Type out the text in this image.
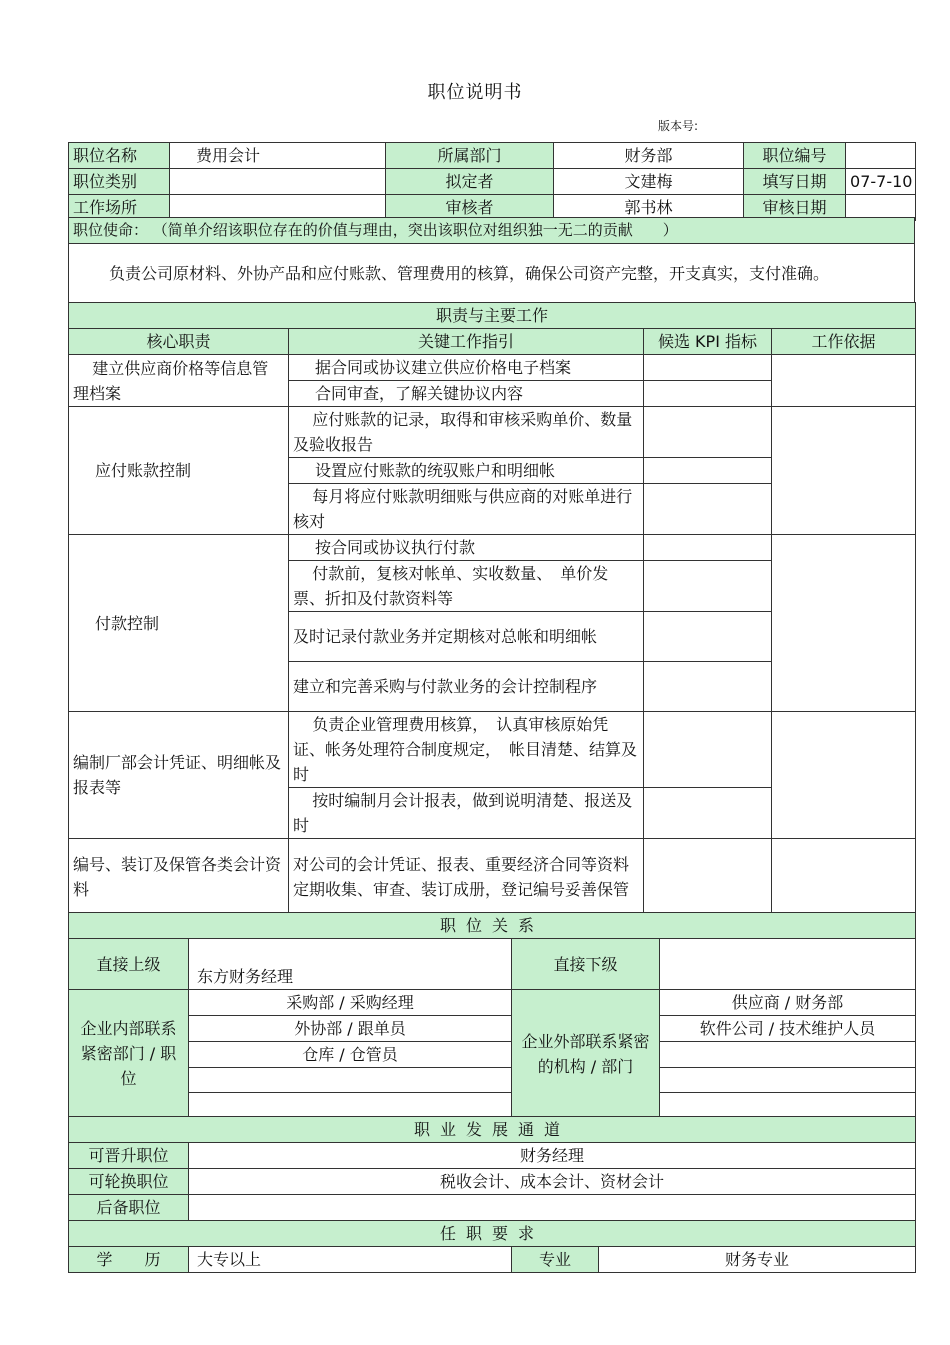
职位说明书
版本号:
职位名称	费用会计	所属部门	财务部	职位编号	
职位类别		拟定者	文建梅	填写日期	07-7-10
工作场所		审核者	郭书林	审核日期	
职位使命： （简单介绍该职位存在的价值与理由，突出该职位对组织独一无二的贡献　　）
负责公司原材料、外协产品和应付账款、管理费用的核算，确保公司资产完整，开支真实，支付准确。
职责与主要工作			
核心职责	关键工作指引	候选 KPI 指标	工作依据
建立供应商价格等信息管理档案	据合同或协议建立供应价格电子档案		
	合同审查，了解关键协议内容		
应付账款控制	应付账款的记录，取得和审核采购单价、数量及验收报告		
	设置应付账款的统驭账户和明细帐		
	每月将应付账款明细账与供应商的对账单进行核对		
付款控制	按合同或协议执行付款		
	付款前，复核对帐单、实收数量、　单价发票、折扣及付款资料等		
	及时记录付款业务并定期核对总帐和明细帐		
	建立和完善采购与付款业务的会计控制程序		
编制厂部会计凭证、明细帐及报表等	负责企业管理费用核算，　认真审核原始凭证、帐务处理符合制度规定，　帐目清楚、结算及时		
	按时编制月会计报表，做到说明清楚、报送及时		
编号、装订及保管各类会计资料	对公司的会计凭证、报表、重要经济合同等资料定期收集、审查、装订成册，登记编号妥善保管		
职位关系			
直接上级	东方财务经理	直接下级	
企业内部联系紧密部门 / 职位	采购部 / 采购经理	企业外部联系紧密的机构 / 部门	供应商 / 财务部
	外协部 / 跟单员		软件公司 / 技术维护人员
	仓库 / 仓管员		

职业发展通道	
可晋升职位	财务经理
可轮换职位	税收会计、成本会计、资材会计
后备职位	
任职要求
学　　历	大专以上	专业	财务专业
